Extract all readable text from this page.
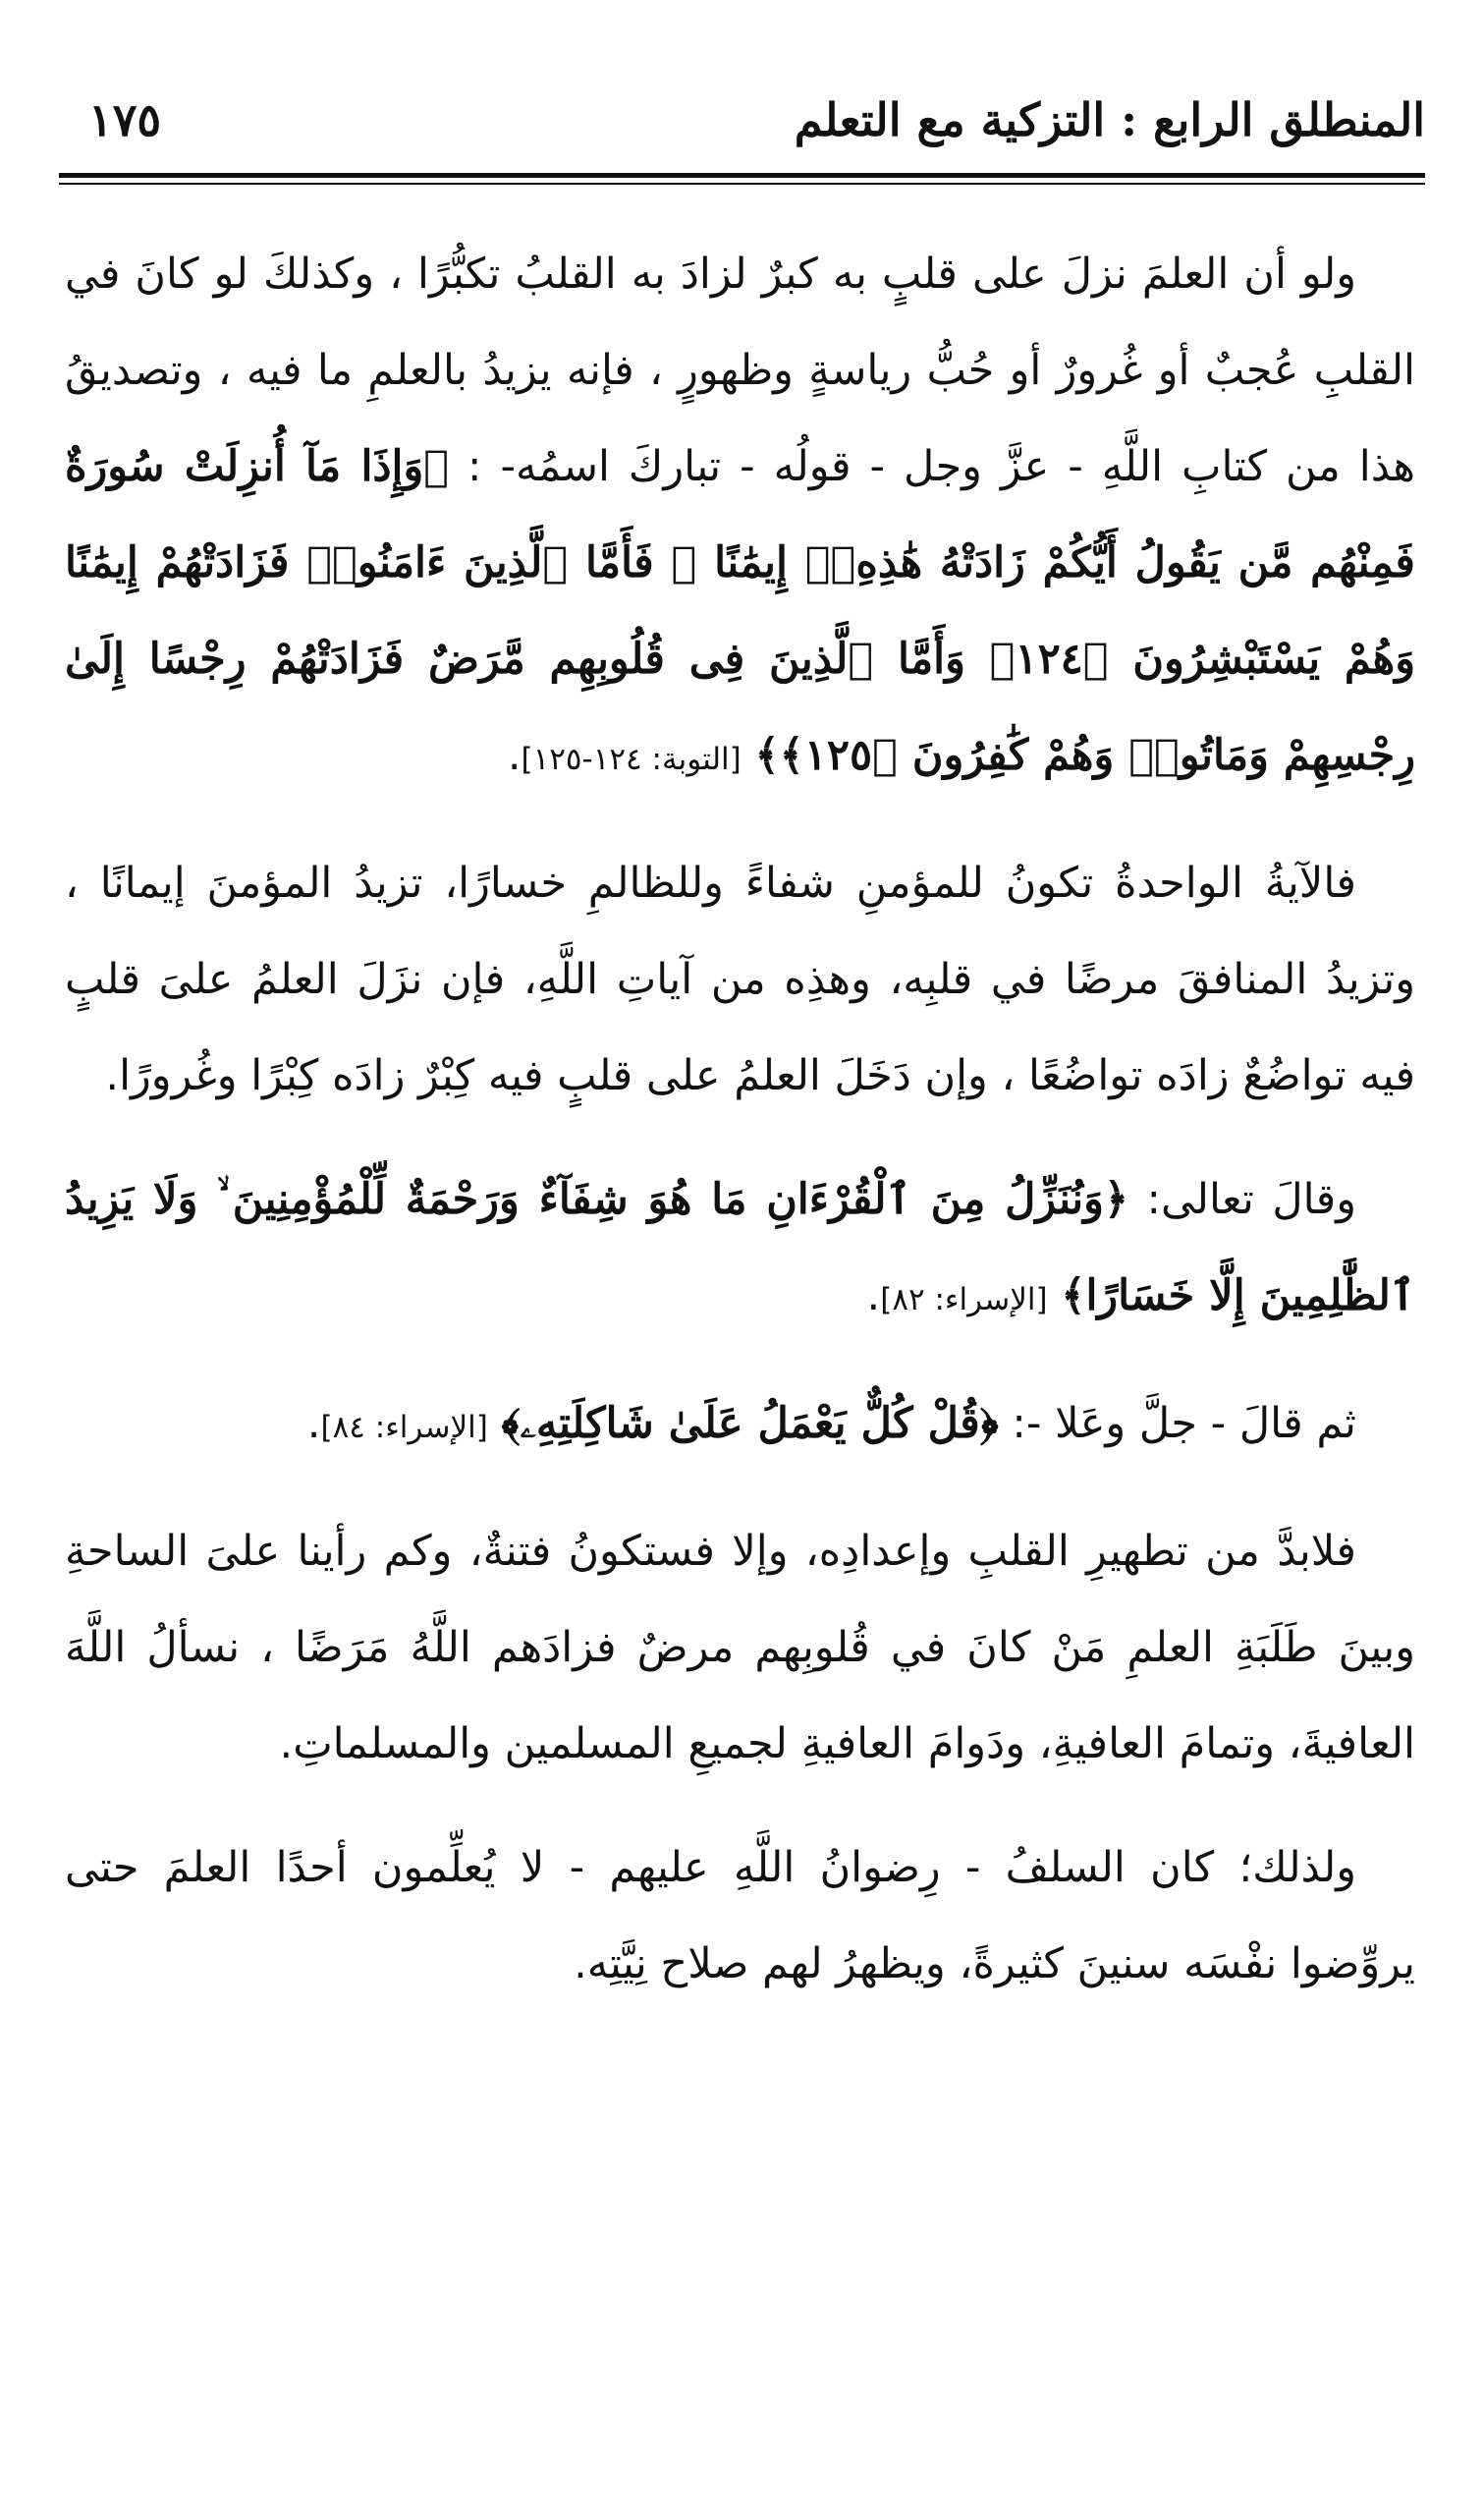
المنطلق الرابع : التزكية مع التعلم
١٧٥

ولو أن العلمَ نزلَ على قلبٍ به كبرٌ لزادَ به القلبُ تكبُّرًا ، وكذلكَ لو كانَ في القلبِ عُجبٌ أو غُرورٌ أو حُبُّ رياسةٍ وظهورٍ ، فإنه يزيدُ بالعلمِ ما فيه ، وتصديقُ هذا من كتابِ اللَّهِ - عزَّ وجل - قولُه - تباركَ اسمُه- : ﴿وَإِذَا مَآ أُنزِلَتْ سُورَةٌ فَمِنْهُم مَّن يَقُولُ أَيُّكُمْ زَادَتْهُ هَٰذِهِۦٓ إِيمَٰنًا ۚ فَأَمَّا ٱلَّذِينَ ءَامَنُوا۟ فَزَادَتْهُمْ إِيمَٰنًا وَهُمْ يَسْتَبْشِرُونَ ﴿١٢٤﴾ وَأَمَّا ٱلَّذِينَ فِى قُلُوبِهِم مَّرَضٌ فَزَادَتْهُمْ رِجْسًا إِلَىٰ رِجْسِهِمْ وَمَاتُوا۟ وَهُمْ كَٰفِرُونَ ﴿١٢٥﴾﴾ [التوبة: ١٢٤-١٢٥].

فالآيةُ الواحدةُ تكونُ للمؤمنِ شفاءً وللظالمِ خسارًا، تزيدُ المؤمنَ إيمانًا ، وتزيدُ المنافقَ مرضًا في قلبِه، وهذِه من آياتِ اللَّهِ، فإن نزَلَ العلمُ علىَ قلبٍ فيه تواضُعٌ زادَه تواضُعًا ، وإن دَخَلَ العلمُ على قلبٍ فيه كِبْرٌ زادَه كِبْرًا وغُرورًا.

وقالَ تعالى: ﴿وَنُنَزِّلُ مِنَ ٱلْقُرْءَانِ مَا هُوَ شِفَآءٌ وَرَحْمَةٌ لِّلْمُؤْمِنِينَ ۙ وَلَا يَزِيدُ ٱلظَّٰلِمِينَ إِلَّا خَسَارًا﴾ [الإسراء: ٨٢].

ثم قالَ - جلَّ وعَلا -: ﴿قُلْ كُلٌّ يَعْمَلُ عَلَىٰ شَاكِلَتِهِۦ﴾ [الإسراء: ٨٤].

فلابدَّ من تطهيرِ القلبِ وإعدادِه، وإلا فستكونُ فتنةٌ، وكم رأينا علىَ الساحةِ وبينَ طَلَبَةِ العلمِ مَنْ كانَ في قُلوبِهم مرضٌ فزادَهم اللَّهُ مَرَضًا ، نسألُ اللَّهَ العافيةَ، وتمامَ العافيةِ، ودَوامَ العافيةِ لجميعِ المسلمين والمسلماتِ.

ولذلك؛ كان السلفُ - رِضوانُ اللَّهِ عليهم - لا يُعلِّمون أحدًا العلمَ حتى يروِّضوا نفْسَه سنينَ كثيرةً، ويظهرُ لهم صلاح نِيَّتِه.
